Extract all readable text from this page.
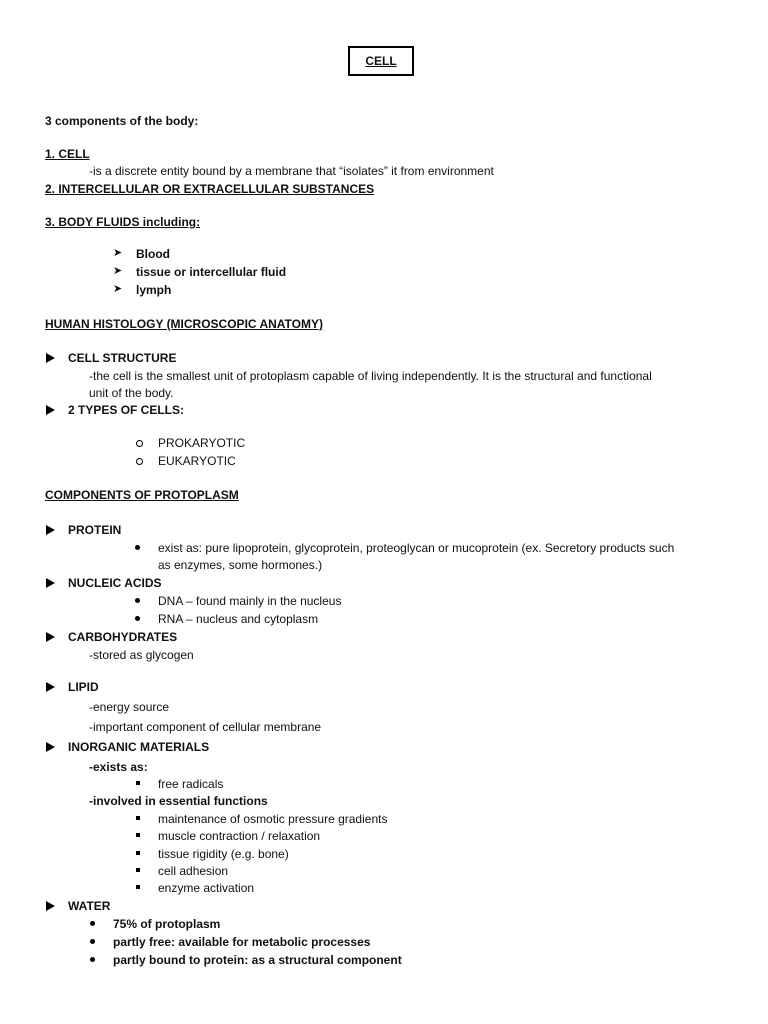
CELL
3 components of the body:
1. CELL
-is a discrete entity bound by a membrane that “isolates” it from environment
2. INTERCELLULAR OR EXTRACELLULAR SUBSTANCES
3. BODY FLUIDS including:
➤ Blood
➤ tissue or intercellular fluid
➤ lymph
HUMAN HISTOLOGY (MICROSCOPIC ANATOMY)
CELL STRUCTURE
-the cell is the smallest unit of protoplasm capable of living independently. It is the structural and functional
unit of the body.
2 TYPES OF CELLS:
PROKARYOTIC
EUKARYOTIC
COMPONENTS OF PROTOPLASM
PROTEIN
exist as: pure lipoprotein, glycoprotein, proteoglycan or mucoprotein (ex. Secretory products such
as enzymes, some hormones.)
NUCLEIC ACIDS
DNA – found mainly in the nucleus
RNA – nucleus and cytoplasm
CARBOHYDRATES
-stored as glycogen
LIPID
-energy source
-important component of cellular membrane
INORGANIC MATERIALS
-exists as:
free radicals
-involved in essential functions
maintenance of osmotic pressure gradients
muscle contraction / relaxation
tissue rigidity (e.g. bone)
cell adhesion
enzyme activation
WATER
75% of protoplasm
partly free: available for metabolic processes
partly bound to protein: as a structural component
